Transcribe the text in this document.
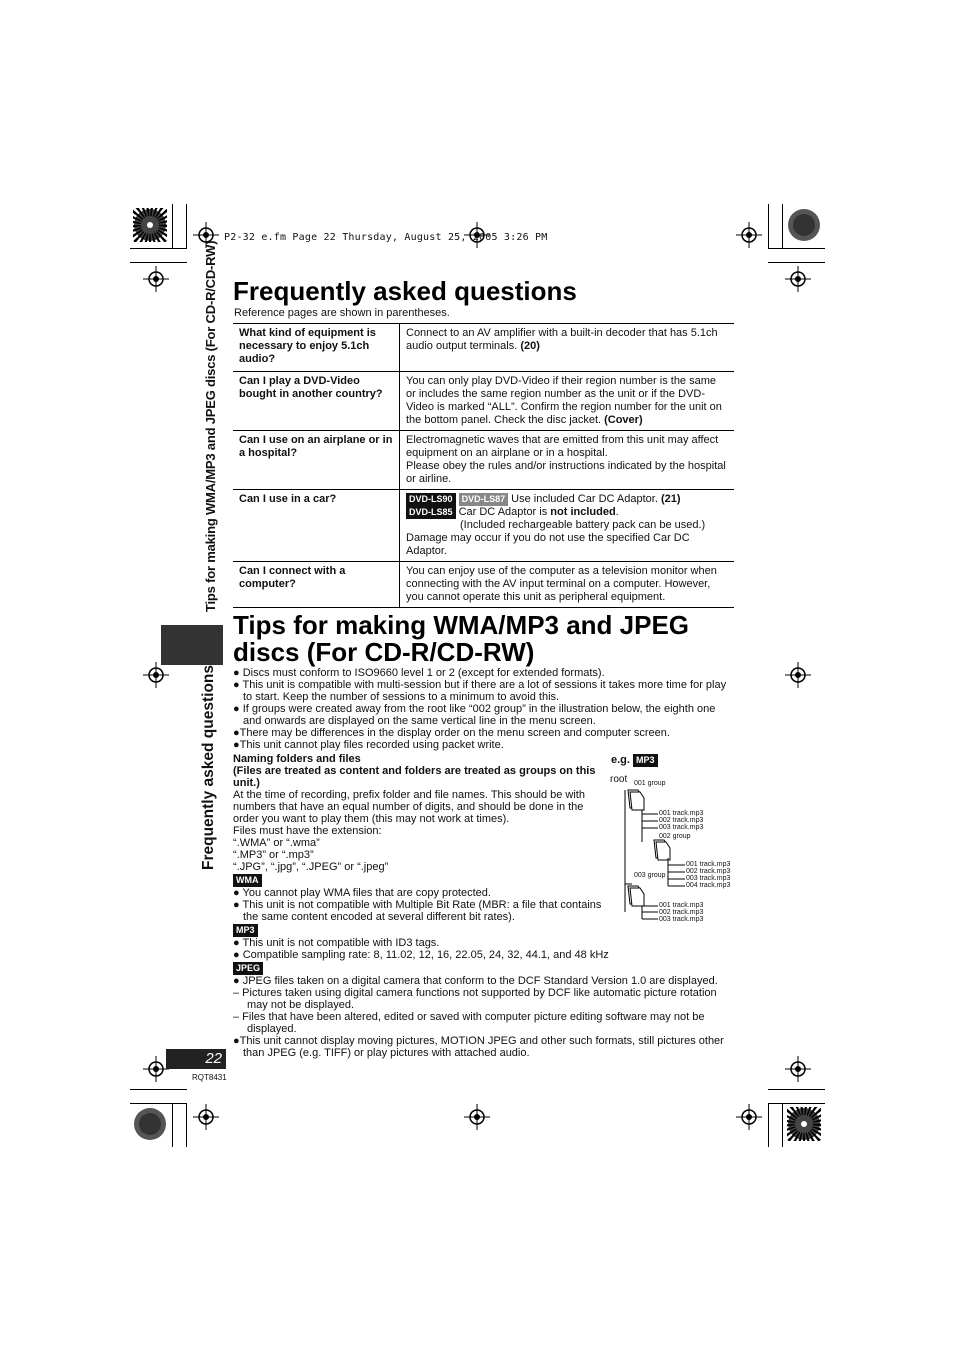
P2-32 e.fm Page 22 Thursday, August 25, 2005 3:26 PM
Tips for making WMA/MP3 and JPEG discs (For CD-R/CD-RW)
Frequently asked questions
Frequently asked questions
Reference pages are shown in parentheses.
What kind of equipment is necessary to enjoy 5.1ch audio?	Connect to an AV amplifier with a built-in decoder that has 5.1ch audio output terminals. (20)
Can I play a DVD-Video bought in another country?	You can only play DVD-Video if their region number is the same or includes the same region number as the unit or if the DVD-Video is marked “ALL”. Confirm the region number for the unit on the bottom panel. Check the disc jacket. (Cover)
Can I use on an airplane or in a hospital?	Electromagnetic waves that are emitted from this unit may affect equipment on an airplane or in a hospital.
Please obey the rules and/or instructions indicated by the hospital or airline.

Can I use in a car?	DVD-LS90 DVD-LS87 Use included Car DC Adaptor. (21)
DVD-LS85 Car DC Adaptor is not included.
(Included rechargeable battery pack can be used.)
Damage may occur if you do not use the specified Car DC Adaptor.

Can I connect with a computer?	You can enjoy use of the computer as a television monitor when connecting with the AV input terminal on a computer. However, you cannot operate this unit as peripheral equipment.
Tips for making WMA/MP3 and JPEG
discs (For CD-R/CD-RW)

● Discs must conform to ISO9660 level 1 or 2 (except for extended formats).

● This unit is compatible with multi-session but if there are a lot of sessions it takes more time for play to start. Keep the number of sessions to a minimum to avoid this.

● If groups were created away from the root like “002 group” in the illustration below, the eighth one and onwards are displayed on the same vertical line in the menu screen.

●There may be differences in the display order on the menu screen and computer screen.

●This unit cannot play files recorded using packet write.

Naming folders and files

(Files are treated as content and folders are treated as groups on this unit.)

At the time of recording, prefix folder and file names. This should be with numbers that have an equal number of digits, and should be done in the order you want to play them (this may not work at times).

Files must have the extension:

“.WMA” or “.wma”

“.MP3” or “.mp3”

“.JPG”, “.jpg”, “.JPEG” or “.jpeg”

WMA

● You cannot play WMA files that are copy protected.

● This unit is not compatible with Multiple Bit Rate (MBR: a file that contains the same content encoded at several different bit rates).

MP3

● This unit is not compatible with ID3 tags.

● Compatible sampling rate: 8, 11.02, 12, 16, 22.05, 24, 32, 44.1, and 48 kHz

JPEG

● JPEG files taken on a digital camera that conform to the DCF Standard Version 1.0 are displayed.

– Pictures taken using digital camera functions not supported by DCF like automatic picture rotation may not be displayed.

– Files that have been altered, edited or saved with computer picture editing software may not be displayed.

●This unit cannot display moving pictures, MOTION JPEG and other such formats, still pictures other than JPEG (e.g. TIFF) or play pictures with attached audio.

e.g. MP3
root 001 group
001 track.mp3
002 track.mp3
003 track.mp3
002 group
001 track.mp3
002 track.mp3
003 track.mp3
004 track.mp3
003 group
001 track.mp3
002 track.mp3
003 track.mp3
22
RQT8431
